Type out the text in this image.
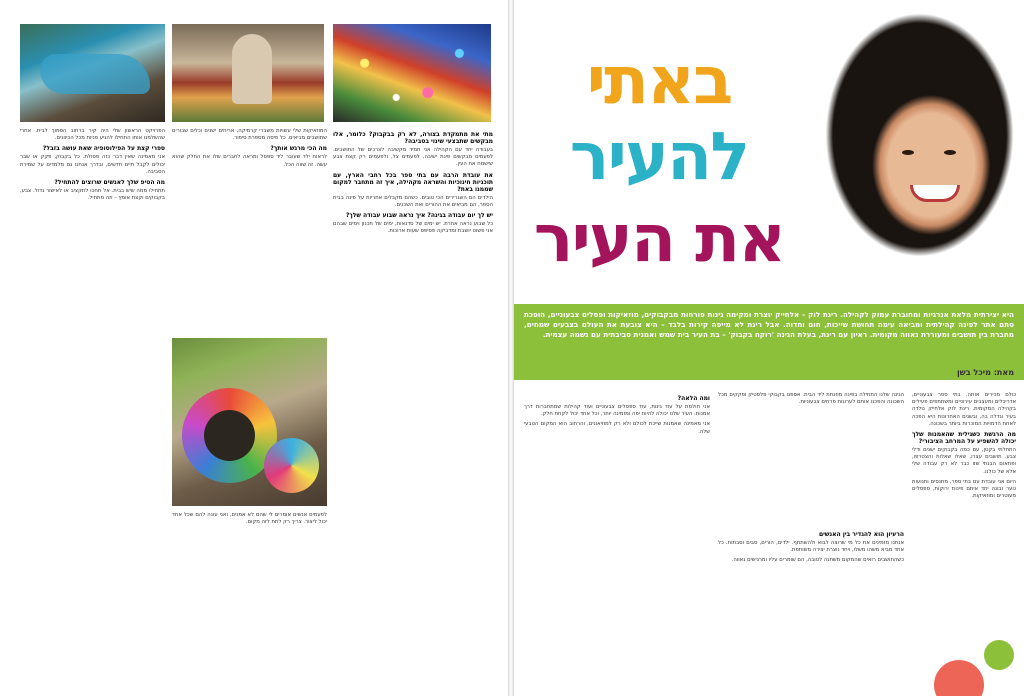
מתי את מתמקדת בצורה, לא רק בבקבוק? כלומר, אלו מבקשים שתבצעי שינוי בסביבה?

בעבודה יחד עם הקהילה אני תמיד מקשיבה לצרכים של התושבים. לפעמים מבקשים פינת ישיבה, לפעמים צל, ולפעמים רק קצת צבע שישמח את העין.

את עובדת הרבה עם בתי ספר בכל רחבי הארץ, עם תוכניות חינוכיות והשראה מקהילה, איך זה מתחבר למקום שממנו באת?

הילדים הם השגרירים הכי טובים. כשהם מקבלים אחריות על פינה בבית הספר, הם מביאים את ההורים ואת השכנים.

יש לך יום עבודה בגינה? איך נראה שבוע עבודה שלך?

כל שבוע נראה אחרת. יש ימים של סדנאות, ימים של תכנון וימים שבהם אני פשוט יושבת ומדביקה פסיפס שעות ארוכות.

המוזאיקות שלי עשויות משברי קרמיקה, אריחים ישנים וכלים שבורים שתושבים מביאים. כל פיסה מספרת סיפור.

מה הכי מרגש אותך?

לראות ילד שעובר ליד ספסל ומראה לחברים שלו את החלק שהוא עשה. זה שווה הכל.

לפעמים אנשים אומרים לי שהם לא אמנים, ואני עונה להם שכל אחד יכול ליצור. צריך רק לתת לזה מקום.

הפרויקט הראשון שלי היה קיר ברחוב הסמוך לבית. אחרי שהשלמנו אותו התחילו להגיע פניות מכל הכיוונים.

ספרי קצת על הפילוסופיה שאת עושה בזבל?

אני מאמינה שאין דבר כזה פסולת. כל בקבוק, פקק או שבר יכולים לקבל חיים חדשים, ובדרך אנחנו גם מלמדים על שמירת הסביבה.

מה הטיפ שלך לאנשים שרוצים להתחיל?

תתחילו ממה שיש בבית. אל תחכו לתקציב או לאישור גדול. צבע, בקבוקים וקצת אומץ – וזה מתחיל.

באתי
להעיר
את העיר

היא יצירתית מלאת אנרגיות ומחוברת עמוק לקהילה. רינת לוק – אלחייק יוצרת ומקימה גינות פורחות מבקבוקים, מוזאיקות ופסלים צבעוניים, הופכת סתם אתר לפינה קהילתית ומביאה עימה תחושת שייכות, חום וחדוה. אבל רינת לא מייפה קירות בלבד – היא צובעת את העולם בצבעים שמחים, מחברת בין תושבים ומעוררת גאווה מקומית. ראיון עם רינת, בעלת הגינה 'רוקח בקבוק' – בת העיר בית שמש ואמנית סביבתית עם נשמה עצמית.

מאת: מיכל בשן

כולם מכירים אותה. בתי ספר צבעוניים, אדריכלים ומעצבים עירוניים ומשתתפים פעילים בקהילה המקומית. רינת לוק אלחייק נולדה בעיר וגדלה בה, ובשנים האחרונות היא הפכה לאחת הדמויות המוכרות ביותר בשכונה.

מה הרגשת כשגילית שהאמנות שלך יכולה להשפיע על המרחב הציבורי?

התחלתי בקטן, עם כמה בקבוקים ישנים ודלי צבע. תושבים עצרו, שאלו שאלות והצטרפו, ופתאום הבנתי שזו כבר לא רק עבודה שלי אלא של כולנו.

היום אני עובדת עם בתי ספר, מתנסים ותנועות נוער ובונה יחד איתם פינות ירוקות, ספסלים מעוטרים ומוזאיקות.

הגינה שלנו התחילה בפינה מוזנחת ליד הבית. אספנו בקבוקי פלסטיק ופקקים מכל השכונה והפכנו אותם לערוגות פרחים צבעוניות.

הרעיון הוא להגדיר בין האנשים

אנחנו מזמינים את כל מי שרוצה לבוא ולהשתתף. ילדים, הורים, סבים וסבתות. כל אחד מביא משהו משלו, ויחד נוצרת יצירה משותפת.

כשהתושבים רואים שהמקום משתנה לטובה, הם שומרים עליו ומרגישים גאווה.

ומה הלאה?

אני חולמת על עוד גינות, עוד ספסלים צבעוניים ועוד קהילות שמתחברות דרך אמנות. העיר שלנו יכולה להיות יפה ומזמינה יותר, וכל אחד יכול לקחת חלק.

אני מאמינה שאמנות שייכת לכולם ולא רק למוזיאונים, והרחוב הוא המקום הטבעי שלה.
